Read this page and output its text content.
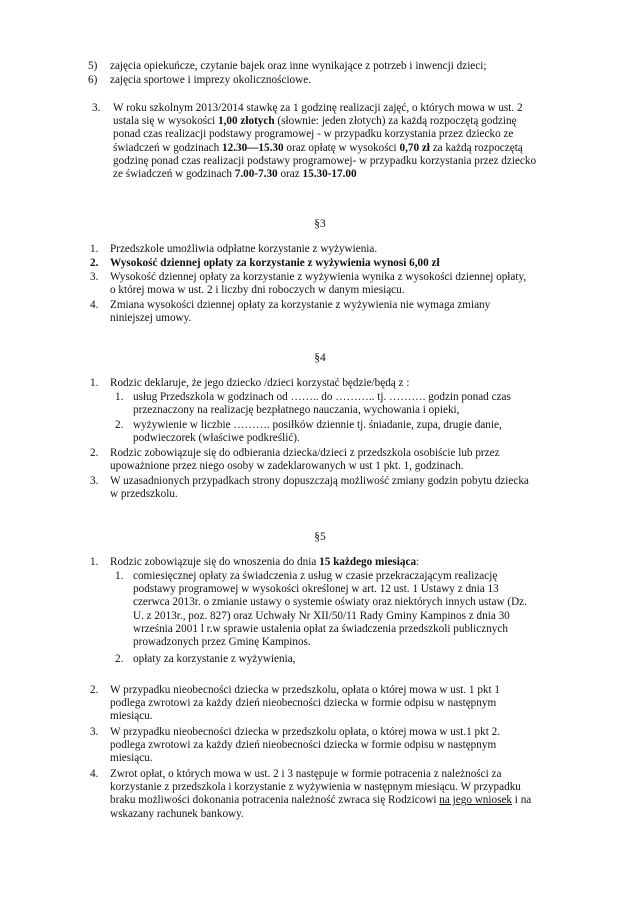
5) zajęcia opiekuńcze, czytanie bajek oraz inne wynikające z potrzeb i inwencji dzieci;
6) zajęcia sportowe i imprezy okolicznościowe.
3. W roku szkolnym 2013/2014 stawkę za 1 godzinę realizacji zajęć, o których mowa w ust. 2
ustala się w wysokości 1,00 złotych (słownie: jeden złotych) za każdą rozpoczętą godzinę
ponad czas realizacji podstawy programowej - w przypadku korzystania przez dziecko ze
świadczeń w godzinach 12.30—15.30 oraz opłatę w wysokości 0,70 zł za każdą rozpoczętą
godzinę ponad czas realizacji podstawy programowej- w przypadku korzystania przez dziecko
ze świadczeń w godzinach 7.00-7.30 oraz 15.30-17.00
§3
1. Przedszkole umożliwia odpłatne korzystanie z wyżywienia.
2. Wysokość dziennej opłaty za korzystanie z wyżywienia wynosi 6,00 zł
3. Wysokość dziennej opłaty za korzystanie z wyżywienia wynika z wysokości dziennej opłaty,
o której mowa w ust. 2 i liczby dni roboczych w danym miesiącu.
4. Zmiana wysokości dziennej opłaty za korzystanie z wyżywienia nie wymaga zmiany
niniejszej umowy.
§4
1. Rodzic deklaruje, że jego dziecko /dzieci korzystać będzie/będą z :
1. usług Przedszkola w godzinach od …….. do ……….. tj. ………. godzin ponad czas
przeznaczony na realizację bezpłatnego nauczania, wychowania i opieki,
2. wyżywienie w liczbie ………. posiłków dziennie tj. śniadanie, zupa, drugie danie,
podwieczorek (właściwe podkreślić).
2. Rodzic zobowiązuje się do odbierania dziecka/dzieci z przedszkola osobiście lub przez
upoważnione przez niego osoby w zadeklarowanych w ust 1 pkt. 1, godzinach.
3. W uzasadnionych przypadkach strony dopuszczają możliwość zmiany godzin pobytu dziecka
w przedszkolu.
§5
1. Rodzic zobowiązuje się do wnoszenia do dnia 15 każdego miesiąca:
1. comiesięcznej opłaty za świadczenia z usług w czasie przekraczającym realizację
podstawy programowej w wysokości określonej w art. 12 ust. 1 Ustawy z dnia 13
czerwca 2013r. o zmianie ustawy o systemie oświaty oraz niektórych innych ustaw (Dz.
U. z 2013r., poz. 827) oraz Uchwały Nr XII/50/11 Rady Gminy Kampinos z dnia 30
września 2001 l r.w sprawie ustalenia opłat za świadczenia przedszkoli publicznych
prowadzonych przez Gminę Kampinos.
2. opłaty za korzystanie z wyżywienia,
2. W przypadku nieobecności dziecka w przedszkolu, opłata o której mowa w ust. 1 pkt 1
podlega zwrotowi za każdy dzień nieobecności dziecka w formie odpisu w następnym
miesiącu.
3. W przypadku nieobecności dziecka w przedszkolu opłata, o której mowa w ust.1 pkt 2.
podlega zwrotowi za każdy dzień nieobecności dziecka w formie odpisu w następnym
miesiącu.
4. Zwrot opłat, o których mowa w ust. 2 i 3 następuje w formie potracenia z należności za
korzystanie z przedszkola i korzystanie z wyżywienia w następnym miesiącu. W przypadku
braku możliwości dokonania potracenia należność zwraca się Rodzicowi na jego wniosek i na
wskazany rachunek bankowy.
